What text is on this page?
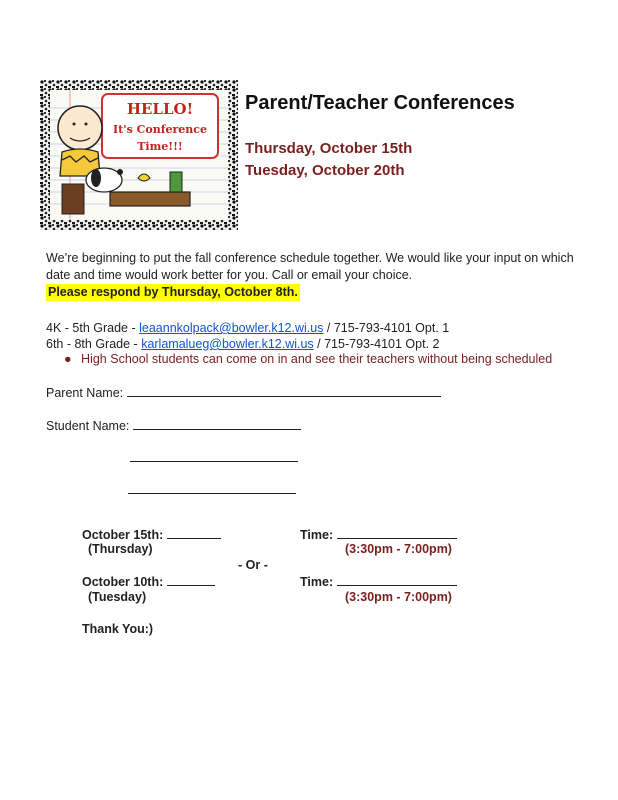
HELLO!
It's Conference
Time!!!
Parent/Teacher Conferences
Thursday, October 15th
Tuesday, October 20th
We’re beginning to put the fall conference schedule together. We would like your input on which date and time would work better for you. Call or email your choice.
Please respond by Thursday, October 8th.
4K - 5th Grade - leaannkolpack@bowler.k12.wi.us / 715-793-4101 Opt. 1
6th - 8th Grade - karlamalueg@bowler.k12.wi.us / 715-793-4101 Opt. 2
● High School students can come on in and see their teachers without being scheduled
Parent Name:
Student Name:
October 15th:
(Thursday)
Time:
(3:30pm - 7:00pm)
- Or -
October 10th:
(Tuesday)
Time:
(3:30pm - 7:00pm)
Thank You:)
